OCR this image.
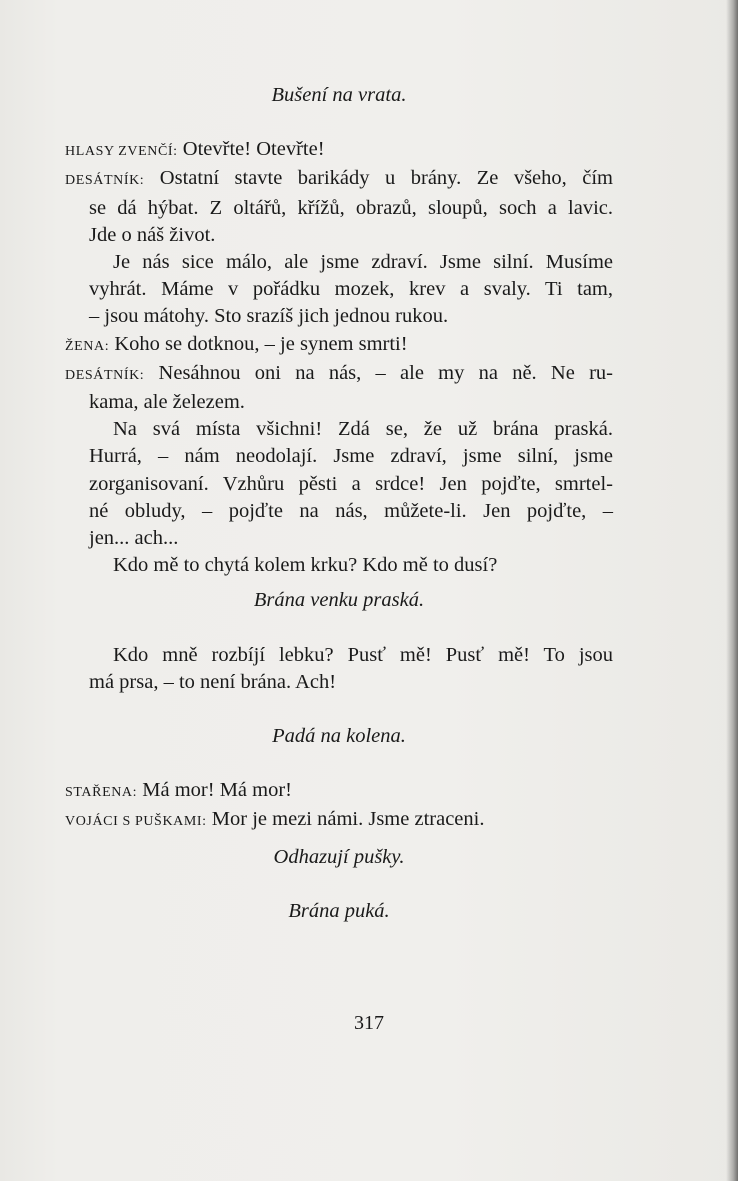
Bušení na vrata.

HLASY ZVENČÍ: Otevřte! Otevřte!

DESÁTNÍK: Ostatní stavte barikády u brány. Ze všeho, čím

se dá hýbat. Z oltářů, křížů, obrazů, sloupů, soch a lavic.

Jde o náš život.

Je nás sice málo, ale jsme zdraví. Jsme silní. Musíme

vyhrát. Máme v pořádku mozek, krev a svaly. Ti tam,

– jsou mátohy. Sto srazíš jich jednou rukou.

ŽENA: Koho se dotknou, – je synem smrti!

DESÁTNÍK: Nesáhnou oni na nás, – ale my na ně. Ne ru-

kama, ale železem.

Na svá místa všichni! Zdá se, že už brána praská.

Hurrá, – nám neodolají. Jsme zdraví, jsme silní, jsme

zorganisovaní. Vzhůru pěsti a srdce! Jen pojďte, smrtel-

né obludy, – pojďte na nás, můžete-li. Jen pojďte, –

jen... ach...

Kdo mě to chytá kolem krku? Kdo mě to dusí?

Brána venku praská.

Kdo mně rozbíjí lebku? Pusť mě! Pusť mě! To jsou

má prsa, – to není brána. Ach!

Padá na kolena.

STAŘENA: Má mor! Má mor!

VOJÁCI S PUŠKAMI: Mor je mezi námi. Jsme ztraceni.

Odhazují pušky.

Brána puká.

317
